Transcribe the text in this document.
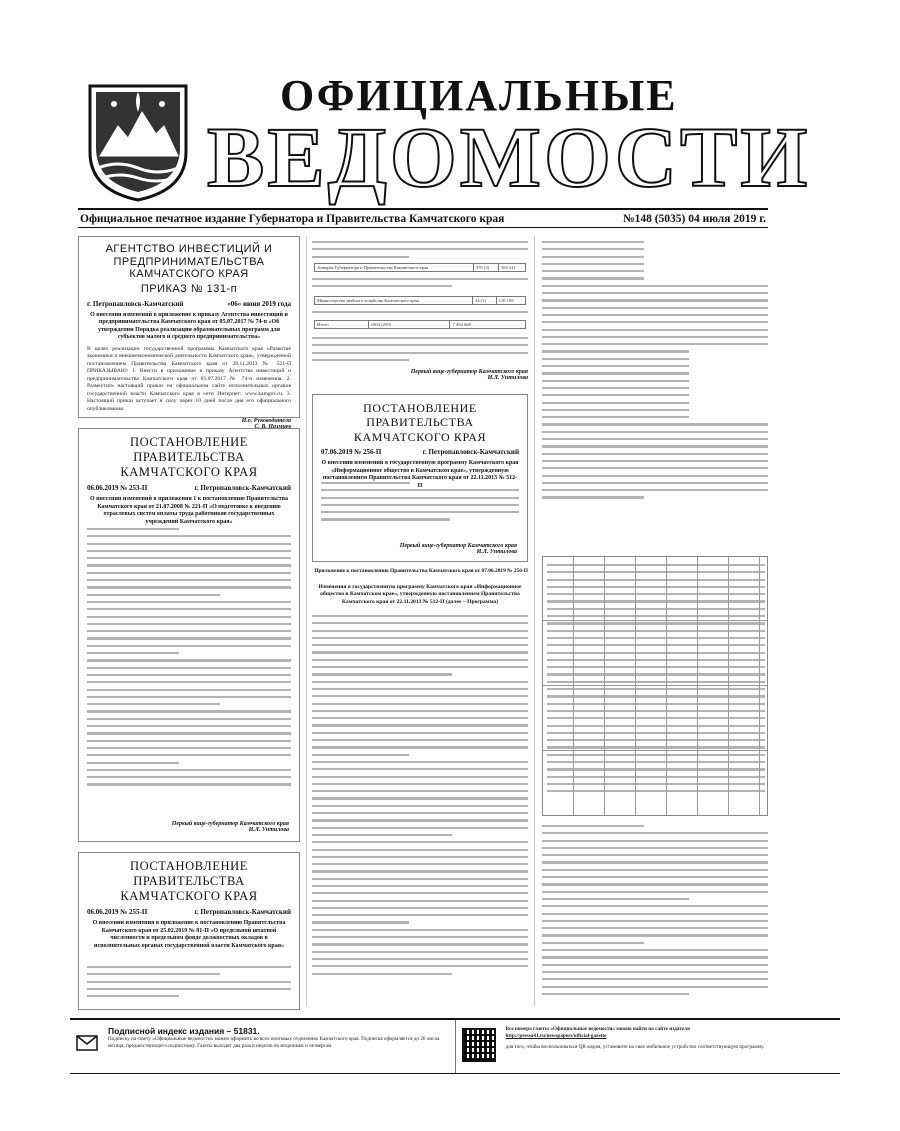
ОФИЦИАЛЬНЫЕ
ВЕДОМОСТИ
Официальное печатное издание Губернатора и Правительства Камчатского края	№148 (5035) 04 июля 2019 г.
АГЕНТСТВО ИНВЕСТИЦИЙ И ПРЕДПРИНИМАТЕЛЬСТВА КАМЧАТСКОГО КРАЯ
ПРИКАЗ № 131-п
г. Петропавловск-Камчатский	«06» июня 2019 года
О внесении изменений в приложение к приказу Агентства инвестиций и предпринимательства Камчатского края от 05.07.2017 № 74-п «Об утверждении Порядка реализации образовательных программ для субъектов малого и среднего предпринимательства»
В целях реализации государственной программы Камчатского края «Развитие экономики и внешнеэкономической деятельности Камчатского края», утвержденной постановлением Правительства Камчатского края от 29.11.2013 № 521-П ПРИКАЗЫВАЮ: 1. Внести в приложение к приказу Агентства инвестиций и предпринимательства Камчатского края от 05.07.2017 № 74-п изменения. 2. Разместить настоящий приказ на официальном сайте исполнительных органов государственной власти Камчатского края в сети Интернет: www.kamgov.ru. 3. Настоящий приказ вступает в силу через 10 дней после дня его официального опубликования.
И.о. Руководителя
ПОСТАНОВЛЕНИЕ ПРАВИТЕЛЬСТВА КАМЧАТСКОГО КРАЯ
06.06.2019 № 253-П	г. Петропавловск-Камчатский
О внесении изменений в приложения 1 к постановлению Правительства Камчатского края от 21.07.2008 № 221-П «О подготовке к введению отраслевых систем оплаты труда работников государственных учреждений Камчатского края»
Первый вице-губернатор Камчатского края
И.Л. Унтилова
ПОСТАНОВЛЕНИЕ ПРАВИТЕЛЬСТВА КАМЧАТСКОГО КРАЯ
06.06.2019 № 255-П	г. Петропавловск-Камчатский
О внесении изменения в приложение к постановлению Правительства Камчатского края от 25.02.2019 № 81-П «О предельной штатной численности и предельном фонде должностных окладов в исполнительных органах государственной власти Камчатского края»
Аппарат Губернатора и Правительства Камчатского края	370 (3)	565 411
Министерство рыбного хозяйства Камчатского края	14 (1)	110 108
Итого	1004 (250)	7 494 668
Первый вице-губернатор Камчатского края
И.Л. Унтилова
ПОСТАНОВЛЕНИЕ ПРАВИТЕЛЬСТВА КАМЧАТСКОГО КРАЯ
07.06.2019 № 256-П	г. Петропавловск-Камчатский
О внесении изменений в государственную программу Камчатского края «Информационное общество в Камчатском крае», утвержденную постановлением Правительства Камчатского края от 22.11.2013 № 512-П
Первый вице-губернатор Камчатского края
И.Л. Унтилова
Приложение к постановлению Правительства Камчатского края от 07.06.2019 № 256-П
Изменения в государственную программу Камчатского края «Информационное общество в Камчатском крае», утвержденную постановлением Правительства Камчатского края от 22.11.2013 № 512-П (далее – Программа)
Подписной индекс издания – 51831.
Подписку на газету «Официальные ведомости» можно оформить во всех почтовых отделениях Камчатского края. Подписка оформляется до 26 числа месяца, предшествующего подписному. Газеты выходят два раза в неделю по вторникам и четвергам.
Все номера газеты «Официальные ведомости» можно найти на сайте издателя
http://pressa41.ru/newspapers/official-gazette
для того, чтобы воспользоваться QR кодом, установите на свое мобильное устройство соответствующую программу.
